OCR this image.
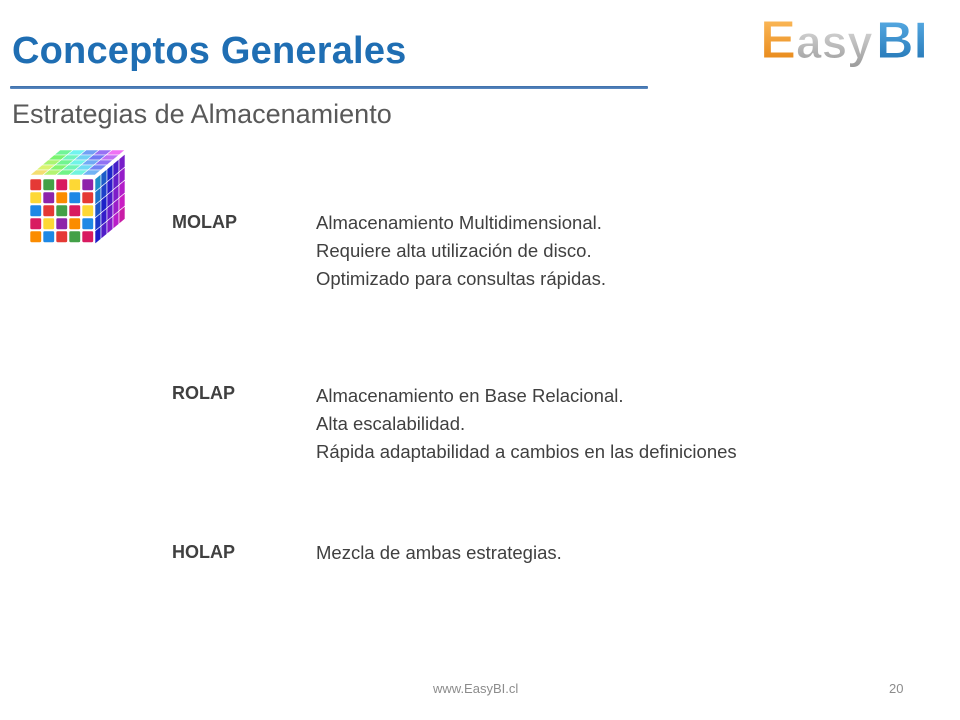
Conceptos Generales
Estrategias de Almacenamiento
E asy BI
MOLAP	Almacenamiento Multidimensional.
Requiere alta utilización de disco.
Optimizado para consultas rápidas.
ROLAP	Almacenamiento en Base Relacional.
Alta escalabilidad.
Rápida adaptabilidad a cambios en las definiciones
HOLAP	Mezcla de ambas estrategias.
www.EasyBI.cl	20
